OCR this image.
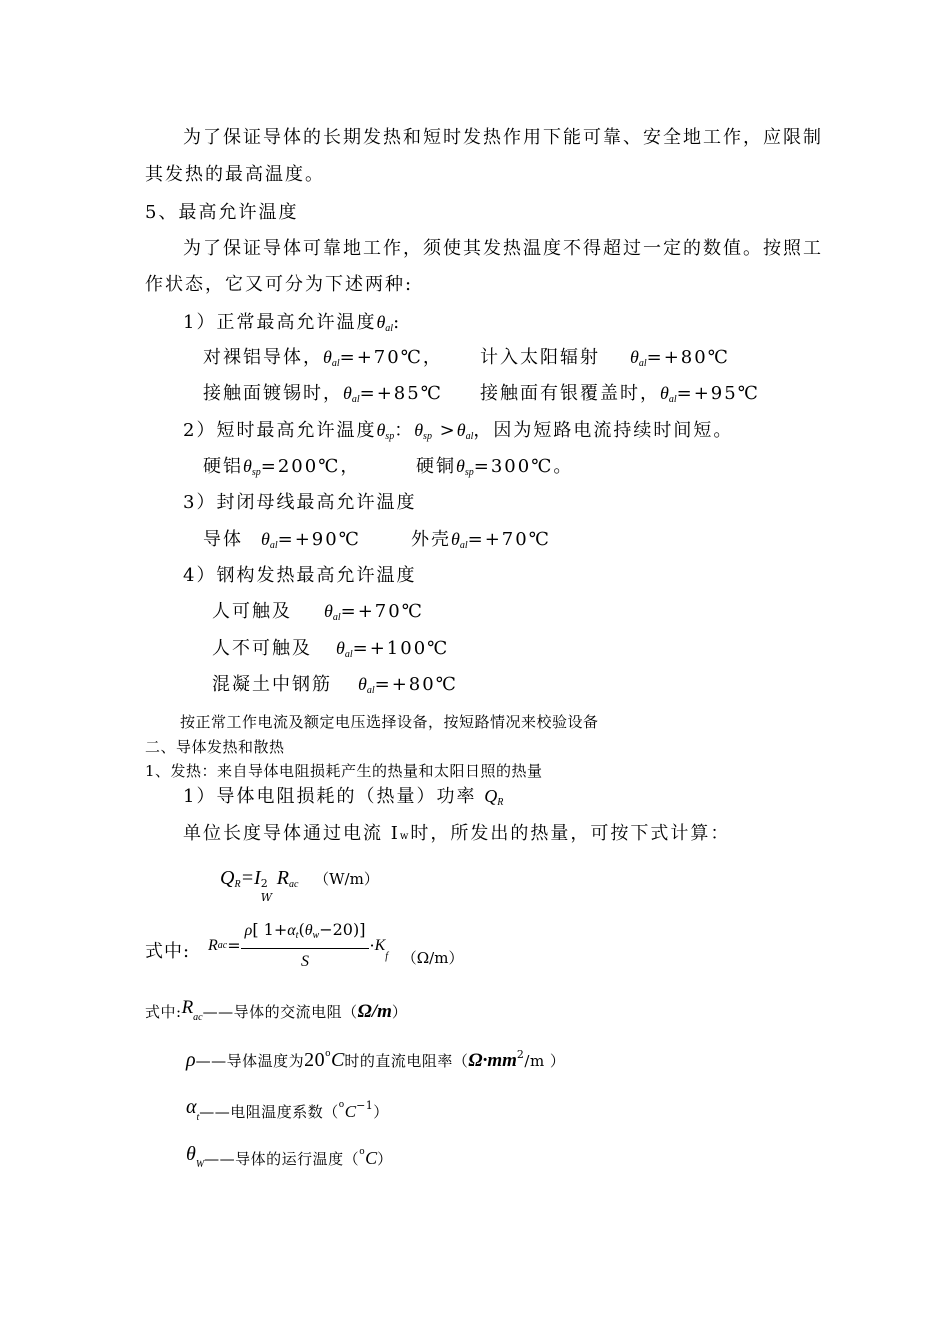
为了保证导体的长期发热和短时发热作用下能可靠、安全地工作，应限制
其发热的最高温度。
5、最高允许温度
为了保证导体可靠地工作，须使其发热温度不得超过一定的数值。按照工
作状态，它又可分为下述两种:
1）正常最高允许温度$\theta_{al}$:
对裸铝导体，$\theta_{al}=+70℃$， 计入太阳辐射 $\theta_{al}=+80℃$
接触面镀锡时，$\theta_{al}=+85℃$ 接触面有银覆盖时，$\theta_{al}=+95℃$
2）短时最高允许温度$\theta_{sp}$：$\theta_{sp} >\theta_{al}$，因为短路电流持续时间短。
硬铝$\theta_{sp}=200℃$，	硬铜$\theta_{sp}=300℃$。
3）封闭母线最高允许温度
导体 $\theta_{al}=+90℃$	外壳$\theta_{al}=+70℃$
4）钢构发热最高允许温度
人可触及 $\theta_{al}=+70℃$
人不可触及 $\theta_{al}=+100℃$
混凝土中钢筋 $\theta_{al}=+80℃$
按正常工作电流及额定电压选择设备，按短路情况来校验设备
二、导体发热和散热
1、发热：来自导体电阻损耗产生的热量和太阳日照的热量
1）导体电阻损耗的（热量）功率 $Q_R$
单位长度导体通过电流 Iw时，所发出的热量，可按下式计算：
$Q_R=I$ 2
W
$R_{ac}$ （W/m）
式中: $Rac= \frac{\rho[ 1+\alpha_t(\theta_w-20)]}{S} \cdot K_f$ $_{(\Omega/m)}$
式中$:R_{ac}——$导体的交流电阻（Ω/m）
ρ——导体温度为20$^o$C时的直流电阻率（$\Omega\cdot mm^2/m$ ）
$\alpha_t——$电阻温度系数$(^oC^{-1})$
$\theta_W——$导体的运行温度（$^o$C）
